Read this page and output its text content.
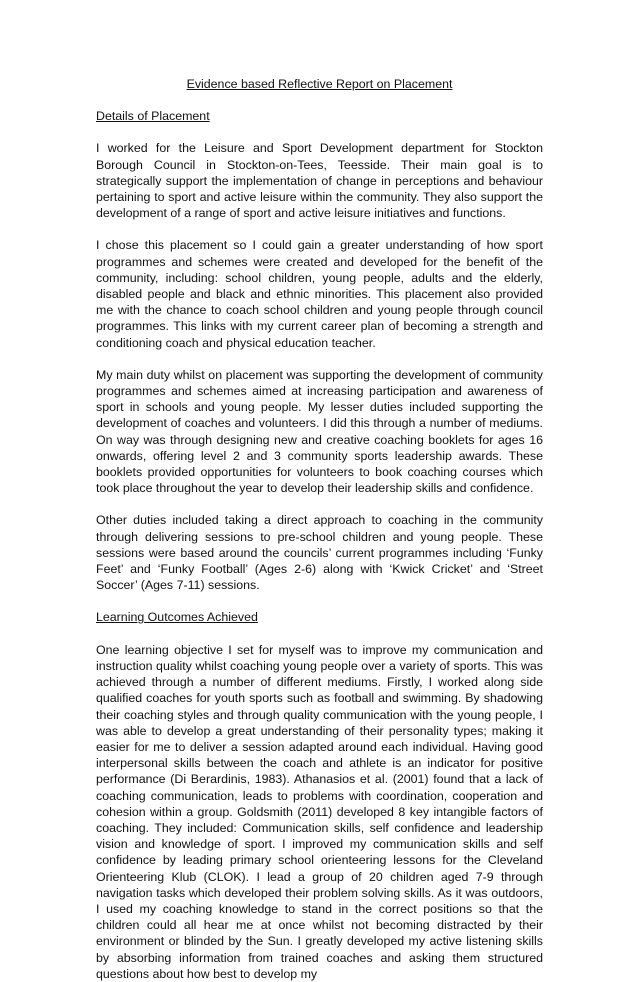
Evidence based Reflective Report on Placement

Details of Placement

I worked for the Leisure and Sport Development department for Stockton Borough Council in Stockton-on-Tees, Teesside. Their main goal is to strategically support the implementation of change in perceptions and behaviour pertaining to sport and active leisure within the community. They also support the development of a range of sport and active leisure initiatives and functions.

I chose this placement so I could gain a greater understanding of how sport programmes and schemes were created and developed for the benefit of the community, including: school children, young people, adults and the elderly, disabled people and black and ethnic minorities. This placement also provided me with the chance to coach school children and young people through council programmes. This links with my current career plan of becoming a strength and conditioning coach and physical education teacher.

My main duty whilst on placement was supporting the development of community programmes and schemes aimed at increasing participation and awareness of sport in schools and young people. My lesser duties included supporting the development of coaches and volunteers. I did this through a number of mediums. On way was through designing new and creative coaching booklets for ages 16 onwards, offering level 2 and 3 community sports leadership awards. These booklets provided opportunities for volunteers to book coaching courses which took place throughout the year to develop their leadership skills and confidence.

Other duties included taking a direct approach to coaching in the community through delivering sessions to pre-school children and young people. These sessions were based around the councils’ current programmes including ‘Funky Feet’ and ‘Funky Football’ (Ages 2-6) along with ‘Kwick Cricket’ and ‘Street Soccer’ (Ages 7-11) sessions.

Learning Outcomes Achieved

One learning objective I set for myself was to improve my communication and instruction quality whilst coaching young people over a variety of sports. This was achieved through a number of different mediums. Firstly, I worked along side qualified coaches for youth sports such as football and swimming. By shadowing their coaching styles and through quality communication with the young people, I was able to develop a great understanding of their personality types; making it easier for me to deliver a session adapted around each individual. Having good interpersonal skills between the coach and athlete is an indicator for positive performance (Di Berardinis, 1983). Athanasios et al. (2001) found that a lack of coaching communication, leads to problems with coordination, cooperation and cohesion within a group. Goldsmith (2011) developed 8 key intangible factors of coaching. They included: Communication skills, self confidence and leadership vision and knowledge of sport. I improved my communication skills and self confidence by leading primary school orienteering lessons for the Cleveland Orienteering Klub (CLOK). I lead a group of 20 children aged 7-9 through navigation tasks which developed their problem solving skills. As it was outdoors, I used my coaching knowledge to stand in the correct positions so that the children could all hear me at once whilst not becoming distracted by their environment or blinded by the Sun. I greatly developed my active listening skills by absorbing information from trained coaches and asking them structured questions about how best to develop my
